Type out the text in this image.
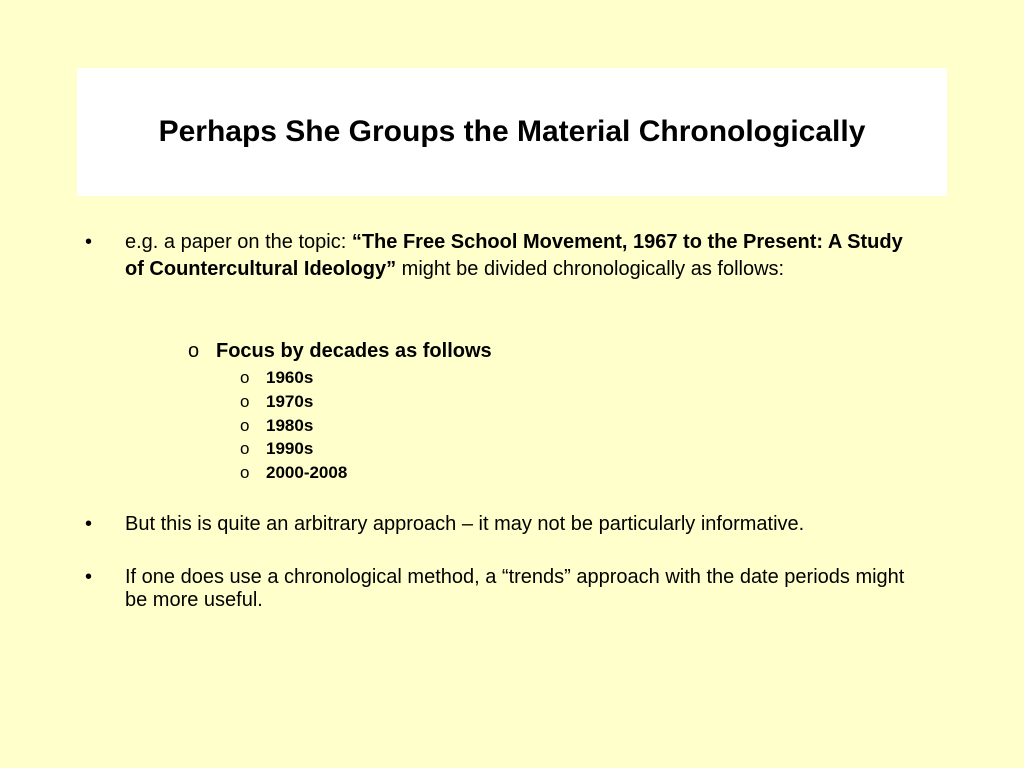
Perhaps She Groups the Material Chronologically
•	e.g. a paper on the topic: “The Free School Movement, 1967 to the Present: A Study of Countercultural Ideology” might be divided chronologically as follows:
o Focus by decades as follows
o 1960s
o 1970s
o 1980s
o 1990s
o 2000-2008
•	But this is quite an arbitrary approach – it may not be particularly informative.
•	If one does use a chronological method, a “trends” approach with the date periods might be more useful.
